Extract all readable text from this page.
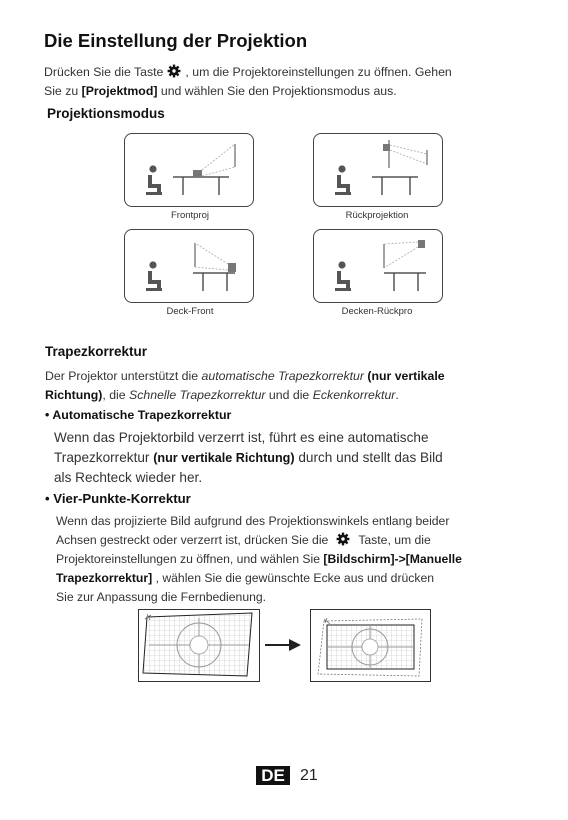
Die Einstellung der Projektion
Drücken Sie die Taste , um die Projektoreinstellungen zu öffnen. Gehen
Sie zu [Projektmod] und wählen Sie den Projektionsmodus aus.
Projektionsmodus
Frontproj	Rückprojektion
Deck-Front	Decken-Rückpro
Trapezkorrektur
Der Projektor unterstützt die automatische Trapezkorrektur (nur vertikale
Richtung), die Schnelle Trapezkorrektur und die Eckenkorrektur.
• Automatische Trapezkorrektur
Wenn das Projektorbild verzerrt ist, führt es eine automatische
Trapezkorrektur (nur vertikale Richtung) durch und stellt das Bild
als Rechteck wieder her.
• Vier-Punkte-Korrektur
Wenn das projizierte Bild aufgrund des Projektionswinkels entlang beider
Achsen gestreckt oder verzerrt ist, drücken Sie die Taste, um die
Projektoreinstellungen zu öffnen, und wählen Sie [Bildschirm]->[Manuelle
Trapezkorrektur] , wählen Sie die gewünschte Ecke aus und drücken
Sie zur Anpassung die Fernbedienung.
DE 21
